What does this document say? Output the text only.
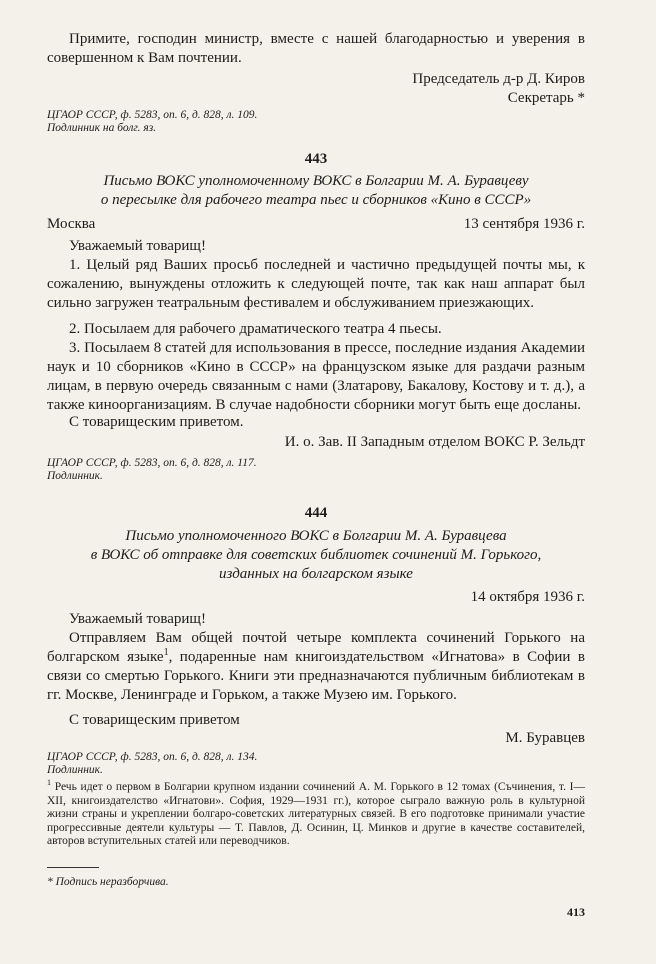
Примите, господин министр, вместе с нашей благодарностью и уверения в совершенном к Вам почтении.

Председатель д-р Д. Киров
Секретарь *
ЦГАОР СССР, ф. 5283, оп. 6, д. 828, л. 109.
Подлинник на болг. яз.
443
Письмо ВОКС уполномоченному ВОКС в Болгарии М. А. Буравцеву
о пересылке для рабочего театра пьес и сборников «Кино в СССР»
Москва	13 сентября 1936 г.

Уважаемый товарищ!

1. Целый ряд Ваших просьб последней и частично предыдущей почты мы, к сожалению, вынуждены отложить к следующей почте, так как наш аппарат был сильно загружен театральным фестивалем и обслуживанием приезжающих.

2. Посылаем для рабочего драматического театра 4 пьесы.

3. Посылаем 8 статей для использования в прессе, последние издания Академии наук и 10 сборников «Кино в СССР» на французском языке для раздачи разным лицам, в первую очередь связанным с нами (Златарову, Бакалову, Костову и т. д.), а также киноорганизациям. В случае надобности сборники могут быть еще досланы.

С товарищеским приветом.

И. о. Зав. II Западным отделом ВОКС Р. Зельдт
ЦГАОР СССР, ф. 5283, оп. 6, д. 828, л. 117.
Подлинник.
444
Письмо уполномоченного ВОКС в Болгарии М. А. Буравцева
в ВОКС об отправке для советских библиотек сочинений М. Горького,
изданных на болгарском языке
14 октября 1936 г.

Уважаемый товарищ!

Отправляем Вам общей почтой четыре комплекта сочинений Горького на болгарском языке$^1$, подаренные нам книгоиздательством «Игнатова» в Софии в связи со смертью Горького. Книги эти предназначаются публичным библиотекам в гг. Москве, Ленинграде и Горьком, а также Музею им. Горького.

С товарищеским приветом

М. Буравцев
ЦГАОР СССР, ф. 5283, оп. 6, д. 828, л. 134.
Подлинник.
$^1$ Речь идет о первом в Болгарии крупном издании сочинений А. М. Горького в 12 томах (Съчинения, т. I—XII, книгоиздателство «Игнатови». София, 1929—1931 гг.), которое сыграло важную роль в культурной жизни страны и укреплении болгаро-советских литературных связей. В его подготовке принимали участие прогрессивные деятели культуры — Т. Павлов, Д. Осинин, Ц. Минков и другие в качестве составителей, авторов вступительных статей или переводчиков.
* Подпись неразборчива.
413
